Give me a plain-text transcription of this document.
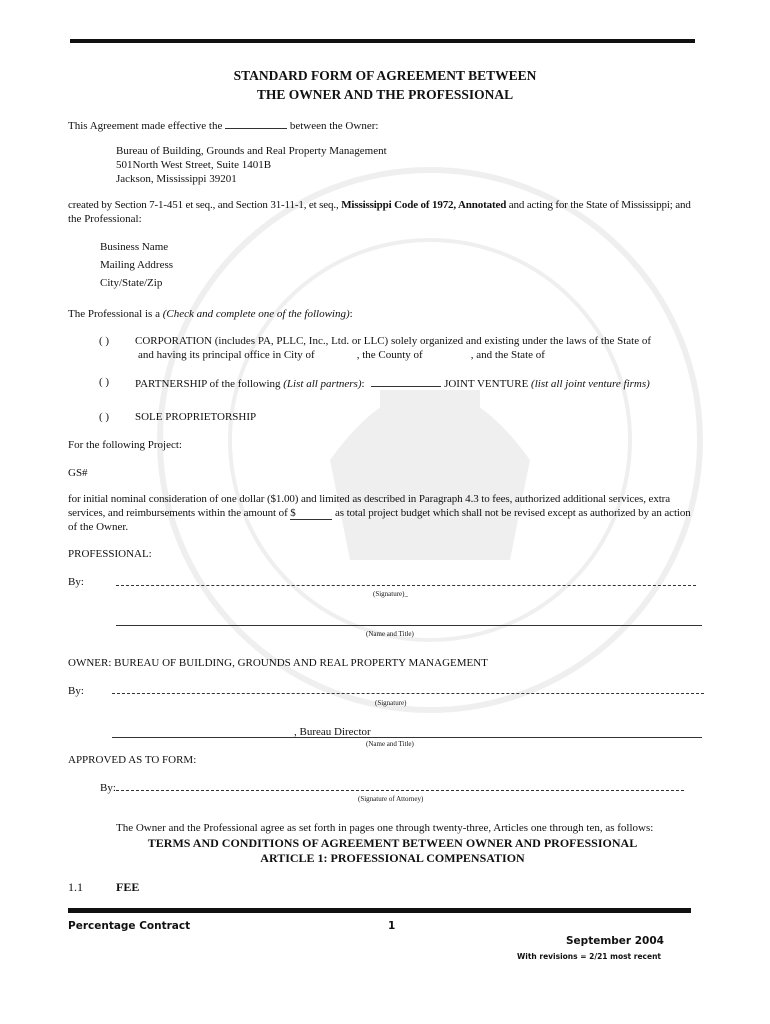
STANDARD FORM OF AGREEMENT BETWEEN
THE OWNER AND THE PROFESSIONAL
This Agreement made effective the	between the Owner:
Bureau of Building, Grounds and Real Property Management
501North West Street, Suite 1401B
Jackson, Mississippi 39201
created by Section 7-1-451 et seq., and Section 31-11-1, et seq., Mississippi Code of 1972, Annotated and acting for the State of Mississippi; and
the Professional:
Business Name
Mailing Address
City/State/Zip
The Professional is a (Check and complete one of the following):
( ) CORPORATION (includes PA, PLLC, Inc., Ltd. or LLC) solely organized and existing under the laws of the State of
and having its principal office in City of	, the County of	, and the State of
( ) PARTNERSHIP of the following (List all partners):	JOINT VENTURE (list all joint venture firms)
( ) SOLE PROPRIETORSHIP
For the following Project:
GS#
for initial nominal consideration of one dollar ($1.00) and limited as described in Paragraph 4.3 to fees, authorized additional services, extra
services, and reimbursements within the amount of $	as total project budget which shall not be revised except as authorized by an action
of the Owner.
PROFESSIONAL:
By:
(Signature)_
(Name and Title)
OWNER: BUREAU OF BUILDING, GROUNDS AND REAL PROPERTY MANAGEMENT
By:
(Signature)
, Bureau Director
(Name and Title)
APPROVED AS TO FORM:
By:
(Signature of Attorney)
The Owner and the Professional agree as set forth in pages one through twenty-three, Articles one through ten, as follows:
TERMS AND CONDITIONS OF AGREEMENT BETWEEN OWNER AND PROFESSIONAL
ARTICLE 1: PROFESSIONAL COMPENSATION
1.1	FEE
Percentage Contract	1
September 2004
With revisions = 2/21 most recent
